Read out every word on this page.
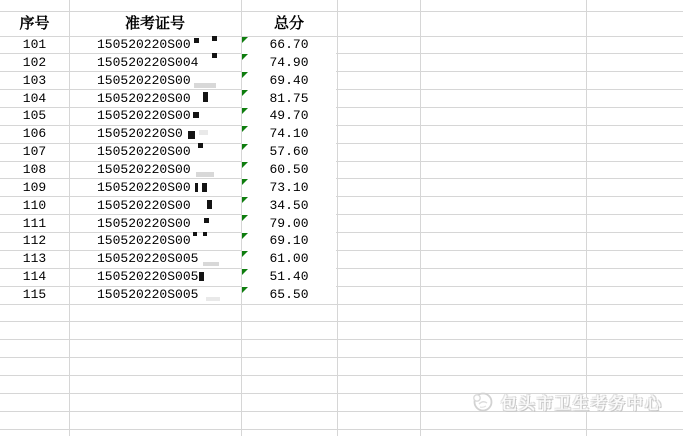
序号	准考证号	总分
101	150520220S00	66.70
102	150520220S004	74.90
103	150520220S00	69.40
104	150520220S00	81.75
105	150520220S00	49.70
106	150520220S0	74.10
107	150520220S00	57.60
108	150520220S00	60.50
109	150520220S00	73.10
110	150520220S00	34.50
111	150520220S00	79.00
112	150520220S00	69.10
113	150520220S005	61.00
114	150520220S005	51.40
115	150520220S005	65.50
包头市卫生考务中心
